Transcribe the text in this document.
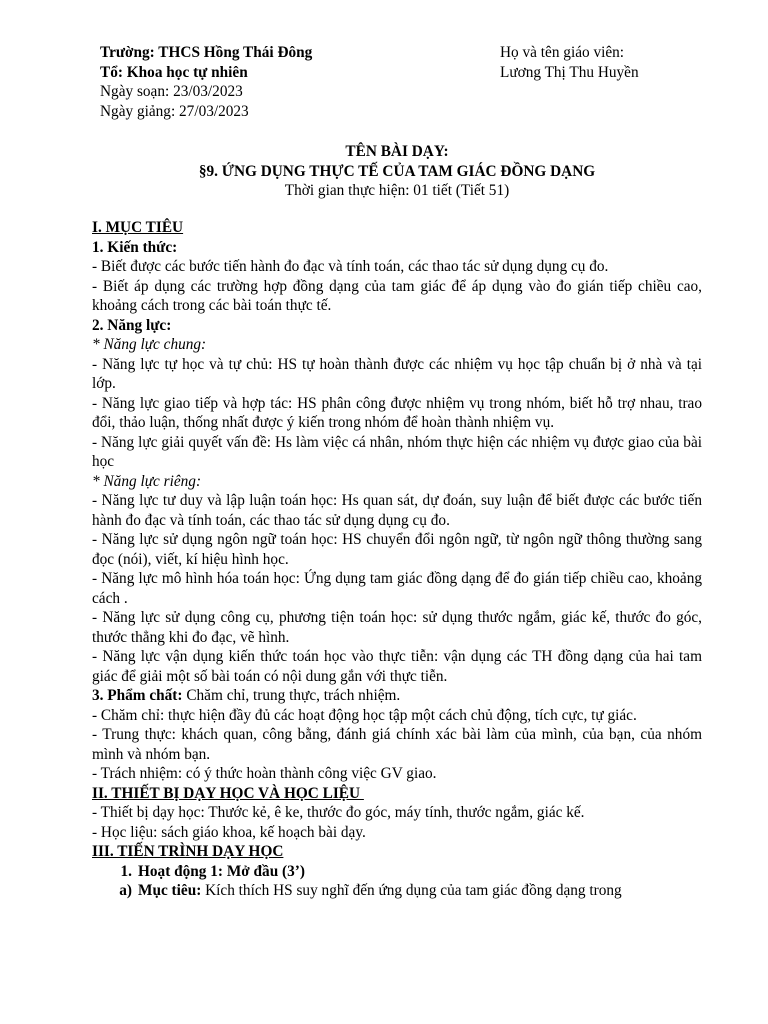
Trường: THCS Hồng Thái Đông	Họ và tên giáo viên:
Tổ: Khoa học tự nhiên	Lương Thị Thu Huyền
Ngày soạn: 23/03/2023
Ngày giảng: 27/03/2023
TÊN BÀI DẠY:
§9. ỨNG DỤNG THỰC TẾ CỦA TAM GIÁC ĐỒNG DẠNG
Thời gian thực hiện: 01 tiết (Tiết 51)

I. MỤC TIÊU

1. Kiến thức:

- Biết được các bước tiến hành đo đạc và tính toán, các thao tác sử dụng dụng cụ đo.

- Biết áp dụng các trường hợp đồng dạng của tam giác để áp dụng vào đo gián tiếp chiều cao, khoảng cách trong các bài toán thực tế.

2. Năng lực:

* Năng lực chung:

- Năng lực tự học và tự chủ: HS tự hoàn thành được các nhiệm vụ học tập chuẩn bị ở nhà và tại lớp.

- Năng lực giao tiếp và hợp tác: HS phân công được nhiệm vụ trong nhóm, biết hỗ trợ nhau, trao đổi, thảo luận, thống nhất được ý kiến trong nhóm để hoàn thành nhiệm vụ.

- Năng lực giải quyết vấn đề: Hs làm việc cá nhân, nhóm thực hiện các nhiệm vụ được giao của bài học

* Năng lực riêng:

- Năng lực tư duy và lập luận toán học: Hs quan sát, dự đoán, suy luận để biết được các bước tiến hành đo đạc và tính toán, các thao tác sử dụng dụng cụ đo.

- Năng lực sử dụng ngôn ngữ toán học: HS chuyển đổi ngôn ngữ, từ ngôn ngữ thông thường sang đọc (nói), viết, kí hiệu hình học.

- Năng lực mô hình hóa toán học: Ứng dụng tam giác đồng dạng để đo gián tiếp chiều cao, khoảng cách .

- Năng lực sử dụng công cụ, phương tiện toán học: sử dụng thước ngắm, giác kế, thước đo góc, thước thẳng khi đo đạc, vẽ hình.

- Năng lực vận dụng kiến thức toán học vào thực tiễn: vận dụng các TH đồng dạng của hai tam giác để giải một số bài toán có nội dung gắn với thực tiễn.

3. Phẩm chất: Chăm chỉ, trung thực, trách nhiệm.

- Chăm chỉ: thực hiện đầy đủ các hoạt động học tập một cách chủ động, tích cực, tự giác.

- Trung thực: khách quan, công bằng, đánh giá chính xác bài làm của mình, của bạn, của nhóm mình và nhóm bạn.

- Trách nhiệm: có ý thức hoàn thành công việc GV giao.

II. THIẾT BỊ DẠY HỌC VÀ HỌC LIỆU

- Thiết bị dạy học: Thước kẻ, ê ke, thước đo góc, máy tính, thước ngắm, giác kế.

- Học liệu: sách giáo khoa, kế hoạch bài dạy.

III. TIẾN TRÌNH DẠY HỌC

1. Hoạt động 1: Mở đầu (3’)
a) Mục tiêu: Kích thích HS suy nghĩ đến ứng dụng của tam giác đồng dạng trong
